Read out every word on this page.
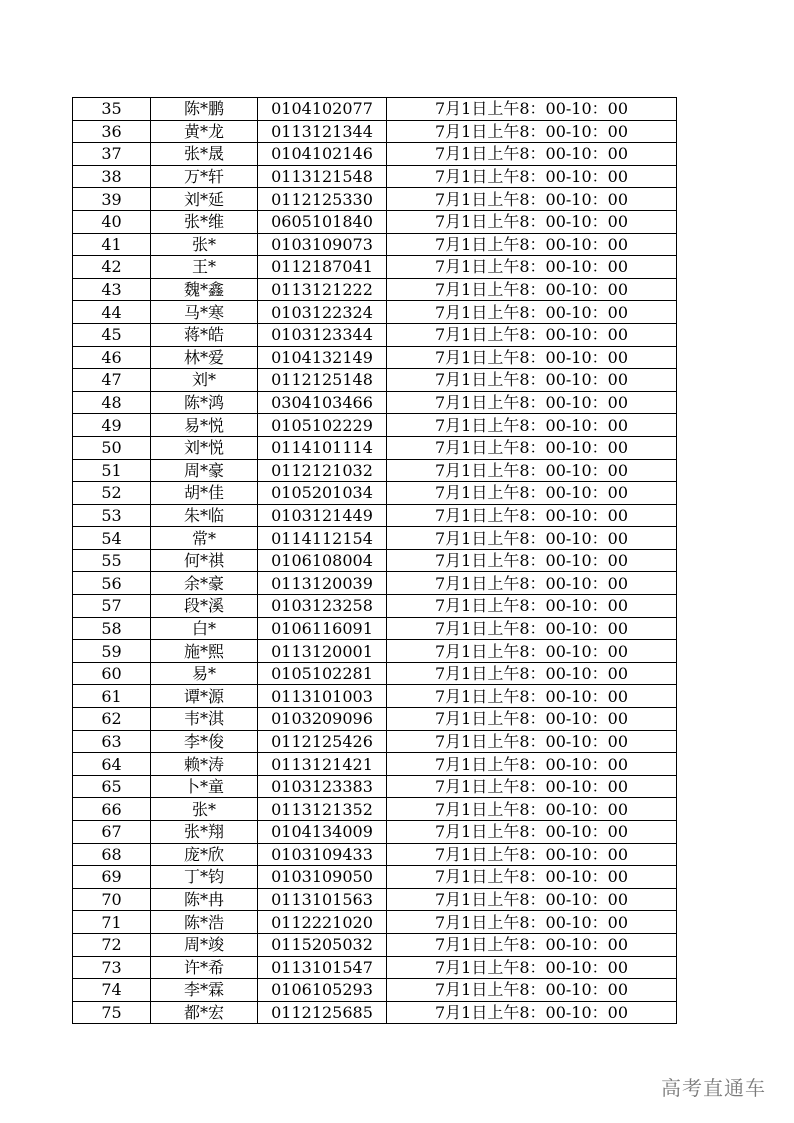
35	陈*鹏	0104102077	7月1日上午8：00-10：00
36	黄*龙	0113121344	7月1日上午8：00-10：00
37	张*晟	0104102146	7月1日上午8：00-10：00
38	万*轩	0113121548	7月1日上午8：00-10：00
39	刘*延	0112125330	7月1日上午8：00-10：00
40	张*维	0605101840	7月1日上午8：00-10：00
41	张*	0103109073	7月1日上午8：00-10：00
42	王*	0112187041	7月1日上午8：00-10：00
43	魏*鑫	0113121222	7月1日上午8：00-10：00
44	马*寒	0103122324	7月1日上午8：00-10：00
45	蒋*皓	0103123344	7月1日上午8：00-10：00
46	林*爱	0104132149	7月1日上午8：00-10：00
47	刘*	0112125148	7月1日上午8：00-10：00
48	陈*鸿	0304103466	7月1日上午8：00-10：00
49	易*悦	0105102229	7月1日上午8：00-10：00
50	刘*悦	0114101114	7月1日上午8：00-10：00
51	周*豪	0112121032	7月1日上午8：00-10：00
52	胡*佳	0105201034	7月1日上午8：00-10：00
53	朱*临	0103121449	7月1日上午8：00-10：00
54	常*	0114112154	7月1日上午8：00-10：00
55	何*祺	0106108004	7月1日上午8：00-10：00
56	余*豪	0113120039	7月1日上午8：00-10：00
57	段*溪	0103123258	7月1日上午8：00-10：00
58	白*	0106116091	7月1日上午8：00-10：00
59	施*熙	0113120001	7月1日上午8：00-10：00
60	易*	0105102281	7月1日上午8：00-10：00
61	谭*源	0113101003	7月1日上午8：00-10：00
62	韦*淇	0103209096	7月1日上午8：00-10：00
63	李*俊	0112125426	7月1日上午8：00-10：00
64	赖*涛	0113121421	7月1日上午8：00-10：00
65	卜*童	0103123383	7月1日上午8：00-10：00
66	张*	0113121352	7月1日上午8：00-10：00
67	张*翔	0104134009	7月1日上午8：00-10：00
68	庞*欣	0103109433	7月1日上午8：00-10：00
69	丁*钧	0103109050	7月1日上午8：00-10：00
70	陈*冉	0113101563	7月1日上午8：00-10：00
71	陈*浩	0112221020	7月1日上午8：00-10：00
72	周*竣	0115205032	7月1日上午8：00-10：00
73	许*希	0113101547	7月1日上午8：00-10：00
74	李*霖	0106105293	7月1日上午8：00-10：00
75	都*宏	0112125685	7月1日上午8：00-10：00
高考直通车
